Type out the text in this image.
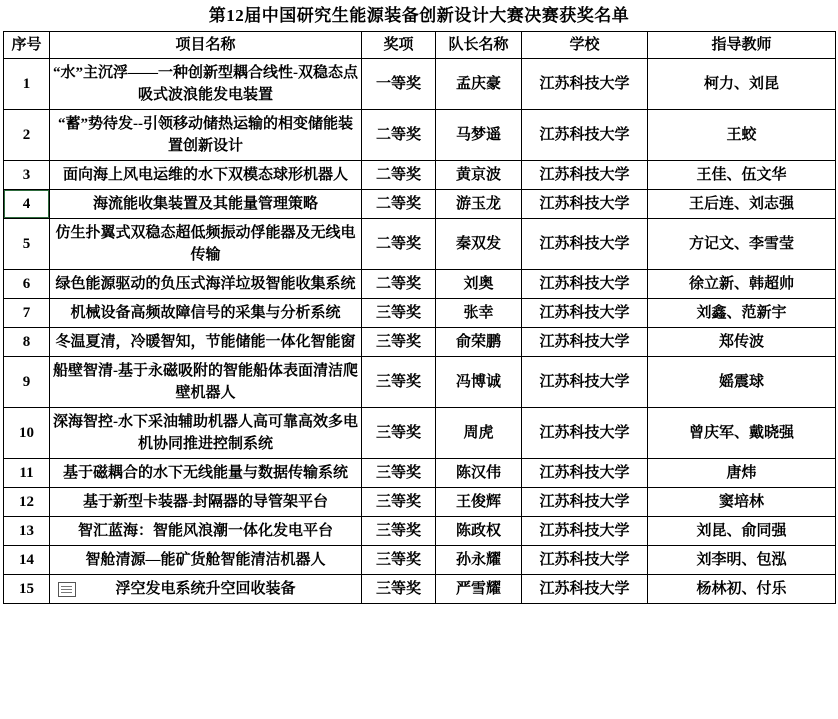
第12届中国研究生能源装备创新设计大赛决赛获奖名单
序号	项目名称	奖项	队长名称	学校	指导教师
1	“水”主沉浮——一种创新型耦合线性-双稳态点吸式波浪能发电装置	一等奖	孟庆豪	江苏科技大学	柯力、刘昆
2	“蓄”势待发--引领移动储热运输的相变储能装置创新设计	二等奖	马梦遥	江苏科技大学	王蛟
3	面向海上风电运维的水下双模态球形机器人	二等奖	黄京波	江苏科技大学	王佳、伍文华
4	海流能收集装置及其能量管理策略	二等奖	游玉龙	江苏科技大学	王后连、刘志强
5	仿生扑翼式双稳态超低频振动俘能器及无线电传输	二等奖	秦双发	江苏科技大学	方记文、李雪莹
6	绿色能源驱动的负压式海洋垃圾智能收集系统	二等奖	刘奥	江苏科技大学	徐立新、韩超帅
7	机械设备高频故障信号的采集与分析系统	三等奖	张幸	江苏科技大学	刘鑫、范新宇
8	冬温夏清，冷暖智知，节能储能一体化智能窗	三等奖	俞荣鹏	江苏科技大学	郑传波
9	船壁智清-基于永磁吸附的智能船体表面清洁爬壁机器人	三等奖	冯博诚	江苏科技大学	媱震球
10	深海智控-水下采油辅助机器人高可靠高效多电机协同推进控制系统	三等奖	周虎	江苏科技大学	曾庆军、戴晓强
11	基于磁耦合的水下无线能量与数据传输系统	三等奖	陈汉伟	江苏科技大学	唐炜
12	基于新型卡装器-封隔器的导管架平台	三等奖	王俊辉	江苏科技大学	窦培林
13	智汇蓝海：智能风浪潮一体化发电平台	三等奖	陈政权	江苏科技大学	刘昆、俞同强
14	智舱清源—能矿货舱智能清洁机器人	三等奖	孙永耀	江苏科技大学	刘李明、包泓
15	浮空发电系统升空回收装备	三等奖	严雪耀	江苏科技大学	杨林初、付乐
